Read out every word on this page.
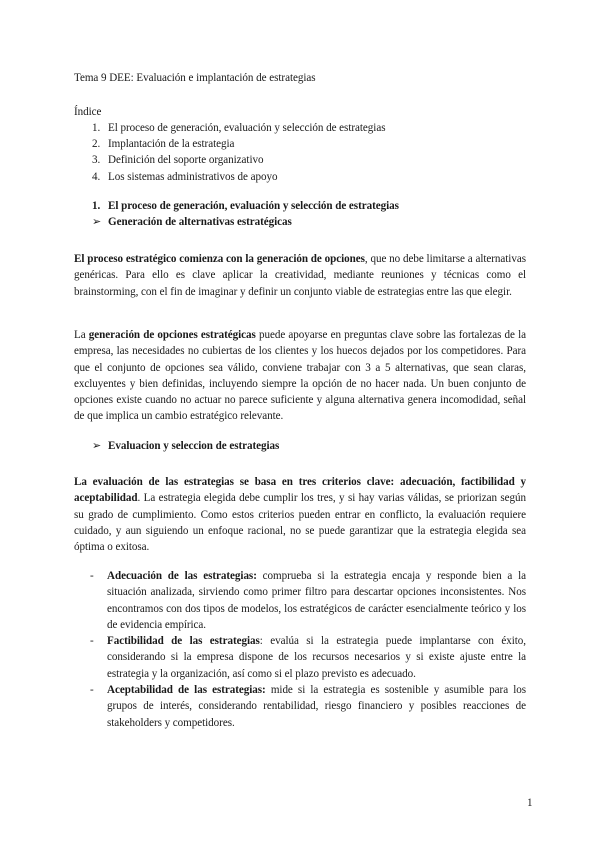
Tema 9 DEE: Evaluación e implantación de estrategias
Índice
1. El proceso de generación, evaluación y selección de estrategias
2. Implantación de la estrategia
3. Definición del soporte organizativo
4. Los sistemas administrativos de apoyo
1. El proceso de generación, evaluación y selección de estrategias
➢ Generación de alternativas estratégicas

El proceso estratégico comienza con la generación de opciones, que no debe limitarse a alternativas genéricas. Para ello es clave aplicar la creatividad, mediante reuniones y técnicas como el brainstorming, con el fin de imaginar y definir un conjunto viable de estrategias entre las que elegir.

La generación de opciones estratégicas puede apoyarse en preguntas clave sobre las fortalezas de la empresa, las necesidades no cubiertas de los clientes y los huecos dejados por los competidores. Para que el conjunto de opciones sea válido, conviene trabajar con 3 a 5 alternativas, que sean claras, excluyentes y bien definidas, incluyendo siempre la opción de no hacer nada. Un buen conjunto de opciones existe cuando no actuar no parece suficiente y alguna alternativa genera incomodidad, señal de que implica un cambio estratégico relevante.

➢ Evaluacion y seleccion de estrategias

La evaluación de las estrategias se basa en tres criterios clave: adecuación, factibilidad y aceptabilidad. La estrategia elegida debe cumplir los tres, y si hay varias válidas, se priorizan según su grado de cumplimiento. Como estos criterios pueden entrar en conflicto, la evaluación requiere cuidado, y aun siguiendo un enfoque racional, no se puede garantizar que la estrategia elegida sea óptima o exitosa.

- Adecuación de las estrategias: comprueba si la estrategia encaja y responde bien a la situación analizada, sirviendo como primer filtro para descartar opciones inconsistentes. Nos encontramos con dos tipos de modelos, los estratégicos de carácter esencialmente teórico y los de evidencia empírica.
- Factibilidad de las estrategias: evalúa si la estrategia puede implantarse con éxito, considerando si la empresa dispone de los recursos necesarios y si existe ajuste entre la estrategia y la organización, así como si el plazo previsto es adecuado.
- Aceptabilidad de las estrategias: mide si la estrategia es sostenible y asumible para los grupos de interés, considerando rentabilidad, riesgo financiero y posibles reacciones de stakeholders y competidores.
1
